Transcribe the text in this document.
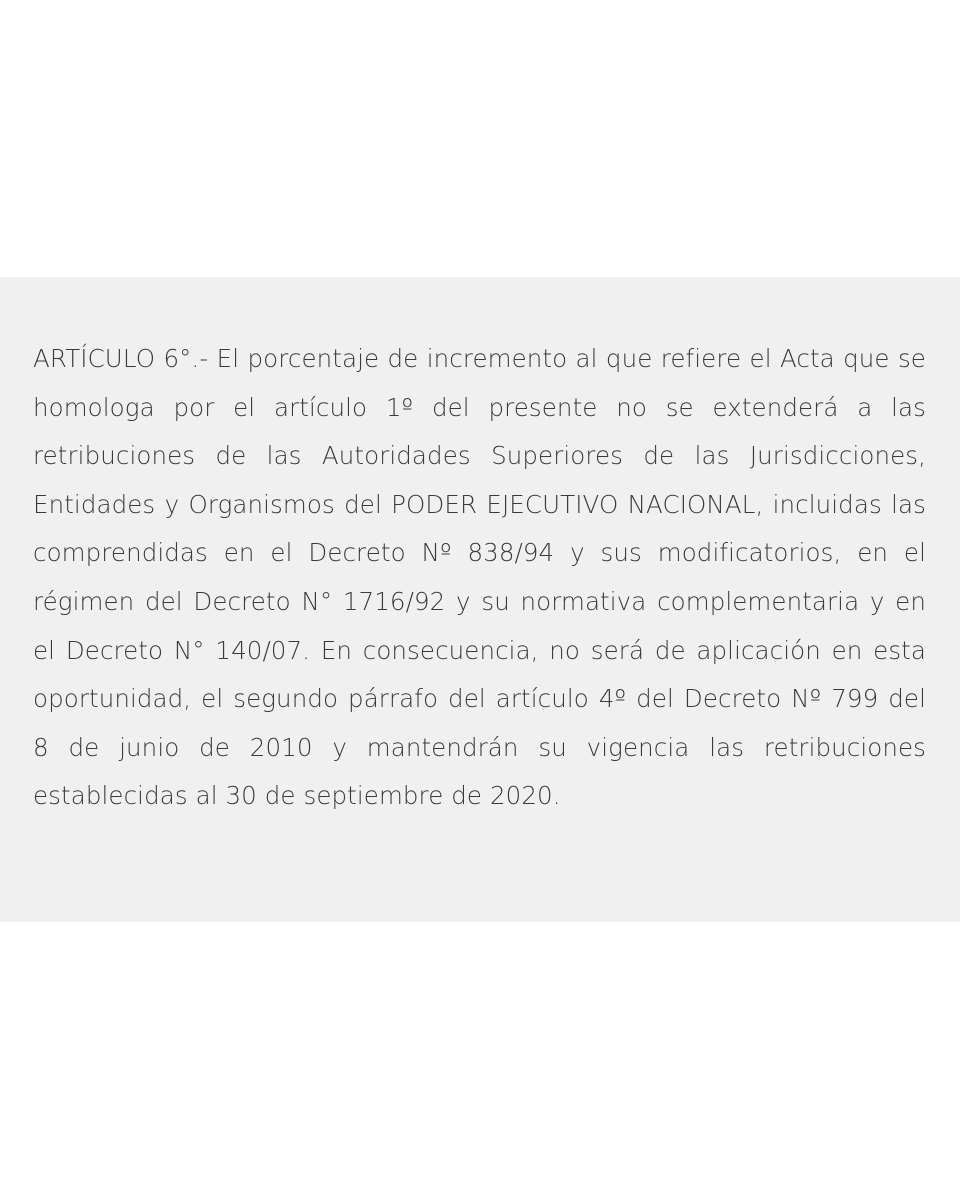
ARTÍCULO 6°.- El porcentaje de incremento al que refiere el Acta que se homologa por el artículo 1º del presente no se extenderá a las retribuciones de las Autoridades Superiores de las Jurisdicciones, Entidades y Organismos del PODER EJECUTIVO NACIONAL, incluidas las comprendidas en el Decreto Nº 838/94 y sus modificatorios, en el régimen del Decreto N° 1716/92 y su normativa complementaria y en el Decreto N° 140/07. En consecuencia, no será de aplicación en esta oportunidad, el segundo párrafo del artículo 4º del Decreto Nº 799 del 8 de junio de 2010 y mantendrán su vigencia las retribuciones establecidas al 30 de septiembre de 2020.
